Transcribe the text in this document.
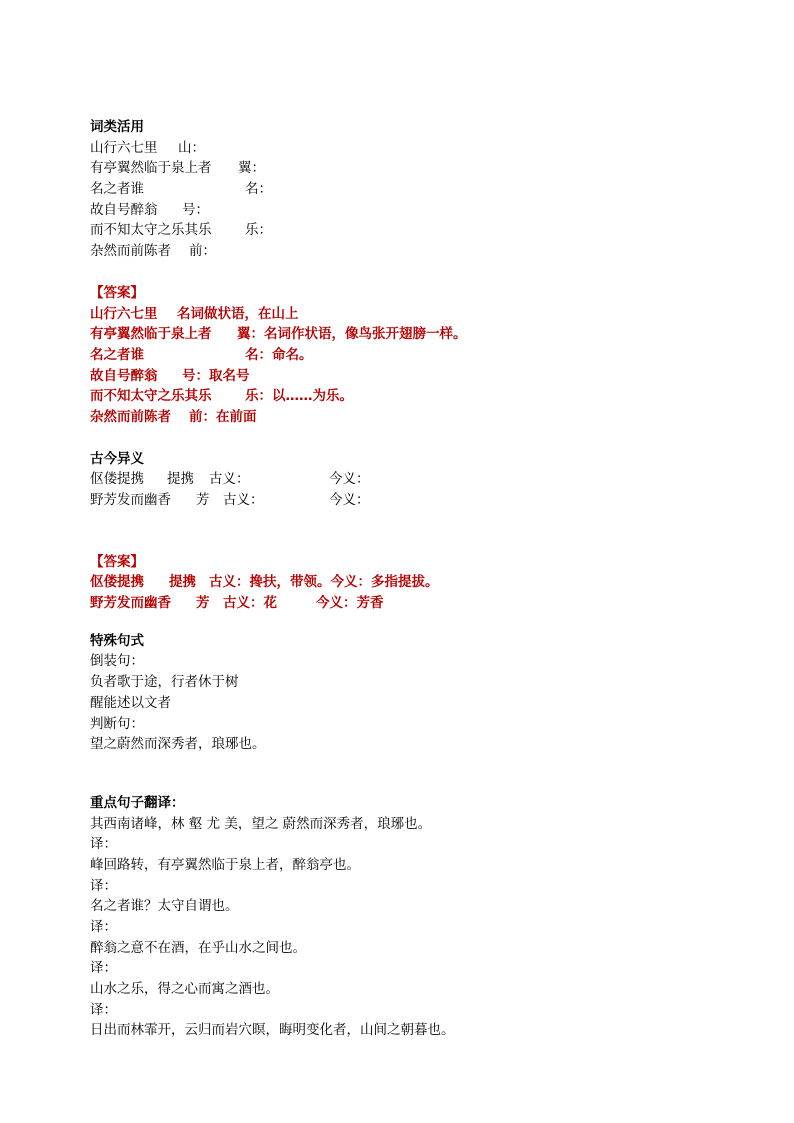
词类活用
山行六七里 山：
有亭翼然临于泉上者 翼：
名之者谁	名：
故自号醉翁 号：
而不知太守之乐其乐 乐：
杂然而前陈者 前：
【答案】
山行六七里 名词做状语，在山上
有亭翼然临于泉上者 翼：名词作状语，像鸟张开翅膀一样。
名之者谁	名：命名。
故自号醉翁 号：取名号
而不知太守之乐其乐 乐：以……为乐。
杂然而前陈者 前：在前面
古今异义
伛偻提携 提携 古义：	今义：
野芳发而幽香 芳 古义：	今义：
【答案】
伛偻提携 提携 古义：搀扶，带领。今义：多指提拔。
野芳发而幽香 芳 古义：花	今义：芳香
特殊句式
倒装句：
负者歌于途，行者休于树
醒能述以文者
判断句：
望之蔚然而深秀者，琅琊也。
重点句子翻译：
其西南诸峰，林 壑 尤 美，望之 蔚然而深秀者，琅琊也。
译：
峰回路转，有亭翼然临于泉上者，醉翁亭也。
译：
名之者谁？太守自谓也。
译：
醉翁之意不在酒，在乎山水之间也。
译：
山水之乐，得之心而寓之酒也。
译：
日出而林霏开，云归而岩穴暝，晦明变化者，山间之朝暮也。
